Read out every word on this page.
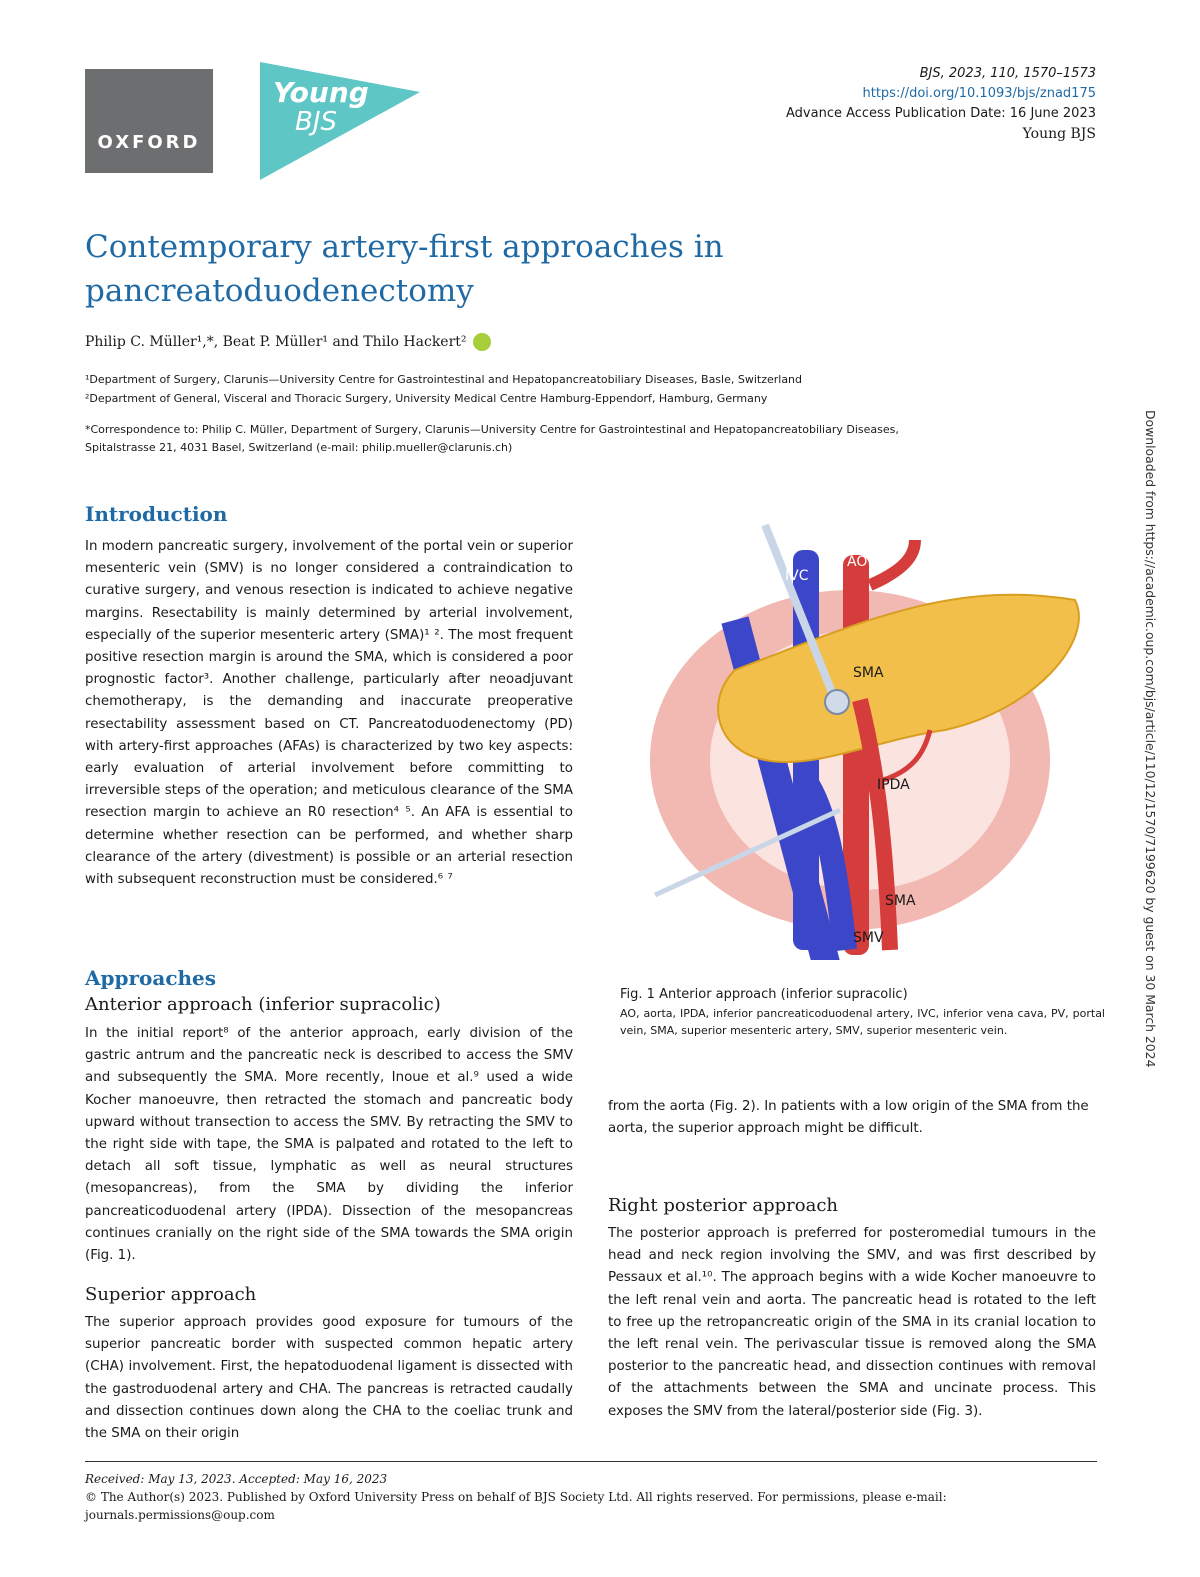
OXFORD
Young
BJS
BJS, 2023, 110, 1570–1573
https://doi.org/10.1093/bjs/znad175
Advance Access Publication Date: 16 June 2023
Young BJS
Contemporary artery-first approaches in pancreatoduodenectomy
Philip C. Müller¹,*, Beat P. Müller¹ and Thilo Hackert²
¹Department of Surgery, Clarunis—University Centre for Gastrointestinal and Hepatopancreatobiliary Diseases, Basle, Switzerland
²Department of General, Visceral and Thoracic Surgery, University Medical Centre Hamburg-Eppendorf, Hamburg, Germany
*Correspondence to: Philip C. Müller, Department of Surgery, Clarunis—University Centre for Gastrointestinal and Hepatopancreatobiliary Diseases,
Spitalstrasse 21, 4031 Basel, Switzerland (e-mail: philip.mueller@clarunis.ch)
Introduction

In modern pancreatic surgery, involvement of the portal vein or superior mesenteric vein (SMV) is no longer considered a contraindication to curative surgery, and venous resection is indicated to achieve negative margins. Resectability is mainly determined by arterial involvement, especially of the superior mesenteric artery (SMA)¹ ². The most frequent positive resection margin is around the SMA, which is considered a poor prognostic factor³. Another challenge, particularly after neoadjuvant chemotherapy, is the demanding and inaccurate preoperative resectability assessment based on CT. Pancreatoduodenectomy (PD) with artery-first approaches (AFAs) is characterized by two key aspects: early evaluation of arterial involvement before committing to irreversible steps of the operation; and meticulous clearance of the SMA resection margin to achieve an R0 resection⁴ ⁵. An AFA is essential to determine whether resection can be performed, and whether sharp clearance of the artery (divestment) is possible or an arterial resection with subsequent reconstruction must be considered.⁶ ⁷

Approaches
Anterior approach (inferior supracolic)

In the initial report⁸ of the anterior approach, early division of the gastric antrum and the pancreatic neck is described to access the SMV and subsequently the SMA. More recently, Inoue et al.⁹ used a wide Kocher manoeuvre, then retracted the stomach and pancreatic body upward without transection to access the SMV. By retracting the SMV to the right side with tape, the SMA is palpated and rotated to the left to detach all soft tissue, lymphatic as well as neural structures (mesopancreas), from the SMA by dividing the inferior pancreaticoduodenal artery (IPDA). Dissection of the mesopancreas continues cranially on the right side of the SMA towards the SMA origin (Fig. 1).

Superior approach

The superior approach provides good exposure for tumours of the superior pancreatic border with suspected common hepatic artery (CHA) involvement. First, the hepatoduodenal ligament is dissected with the gastroduodenal artery and CHA. The pancreas is retracted caudally and dissection continues down along the CHA to the coeliac trunk and the SMA on their origin

AO
IVC
PV
SMA
IPDA
SMA
SMV
Fig. 1 Anterior approach (inferior supracolic)
AO, aorta, IPDA, inferior pancreaticoduodenal artery, IVC, inferior vena cava, PV, portal vein, SMA, superior mesenteric artery, SMV, superior mesenteric vein.

from the aorta (Fig. 2). In patients with a low origin of the SMA from the aorta, the superior approach might be difficult.

Right posterior approach

The posterior approach is preferred for posteromedial tumours in the head and neck region involving the SMV, and was first described by Pessaux et al.¹⁰. The approach begins with a wide Kocher manoeuvre to the left renal vein and aorta. The pancreatic head is rotated to the left to free up the retropancreatic origin of the SMA in its cranial location to the left renal vein. The perivascular tissue is removed along the SMA posterior to the pancreatic head, and dissection continues with removal of the attachments between the SMA and uncinate process. This exposes the SMV from the lateral/posterior side (Fig. 3).

Received: May 13, 2023. Accepted: May 16, 2023
© The Author(s) 2023. Published by Oxford University Press on behalf of BJS Society Ltd. All rights reserved. For permissions, please e-mail:
journals.permissions@oup.com
Downloaded from https://academic.oup.com/bjs/article/110/12/1570/7199620 by guest on 30 March 2024
